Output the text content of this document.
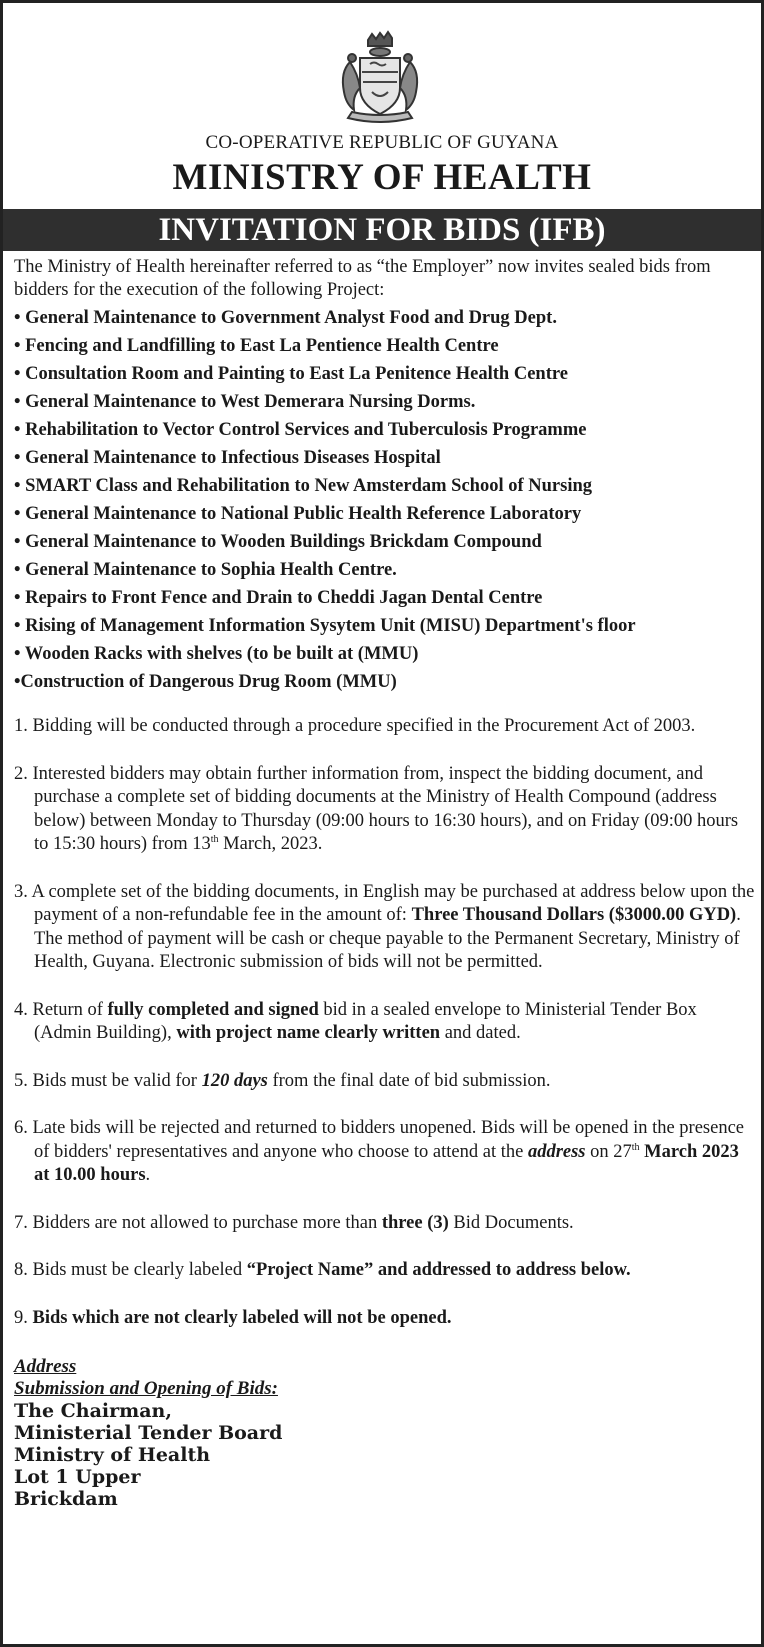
CO-OPERATIVE REPUBLIC OF GUYANA
MINISTRY OF HEALTH
INVITATION FOR BIDS (IFB)

The Ministry of Health hereinafter referred to as “the Employer” now invites sealed bids from bidders for the execution of the following Project:

• General Maintenance to Government Analyst Food and Drug Dept.
• Fencing and Landfilling to East La Pentience Health Centre
• Consultation Room and Painting to East La Penitence Health Centre
• General Maintenance to West Demerara Nursing Dorms.
• Rehabilitation to Vector Control Services and Tuberculosis Programme
• General Maintenance to Infectious Diseases Hospital
• SMART Class and Rehabilitation to New Amsterdam School of Nursing
• General Maintenance to National Public Health Reference Laboratory
• General Maintenance to Wooden Buildings Brickdam Compound
• General Maintenance to Sophia Health Centre.
• Repairs to Front Fence and Drain to Cheddi Jagan Dental Centre
• Rising of Management Information Sysytem Unit (MISU) Department's floor
• Wooden Racks with shelves (to be built at (MMU)
•Construction of Dangerous Drug Room (MMU)

1. Bidding will be conducted through a procedure specified in the Procurement Act of 2003.

2. Interested bidders may obtain further information from, inspect the bidding document, and purchase a complete set of bidding documents at the Ministry of Health Compound (address below) between Monday to Thursday (09:00 hours to 16:30 hours), and on Friday (09:00 hours to 15:30 hours) from 13th March, 2023.

3. A complete set of the bidding documents, in English may be purchased at address below upon the payment of a non-refundable fee in the amount of: Three Thousand Dollars ($3000.00 GYD). The method of payment will be cash or cheque payable to the Permanent Secretary, Ministry of Health, Guyana. Electronic submission of bids will not be permitted.

4. Return of fully completed and signed bid in a sealed envelope to Ministerial Tender Box (Admin Building), with project name clearly written and dated.

5. Bids must be valid for 120 days from the final date of bid submission.

6. Late bids will be rejected and returned to bidders unopened. Bids will be opened in the presence of bidders' representatives and anyone who choose to attend at the address on 27th March 2023 at 10.00 hours.

7. Bidders are not allowed to purchase more than three (3) Bid Documents.

8. Bids must be clearly labeled “Project Name” and addressed to address below.

9. Bids which are not clearly labeled will not be opened.

Address
Submission and Opening of Bids:
The Chairman,
Ministerial Tender Board
Ministry of Health
Lot 1 Upper
Brickdam
